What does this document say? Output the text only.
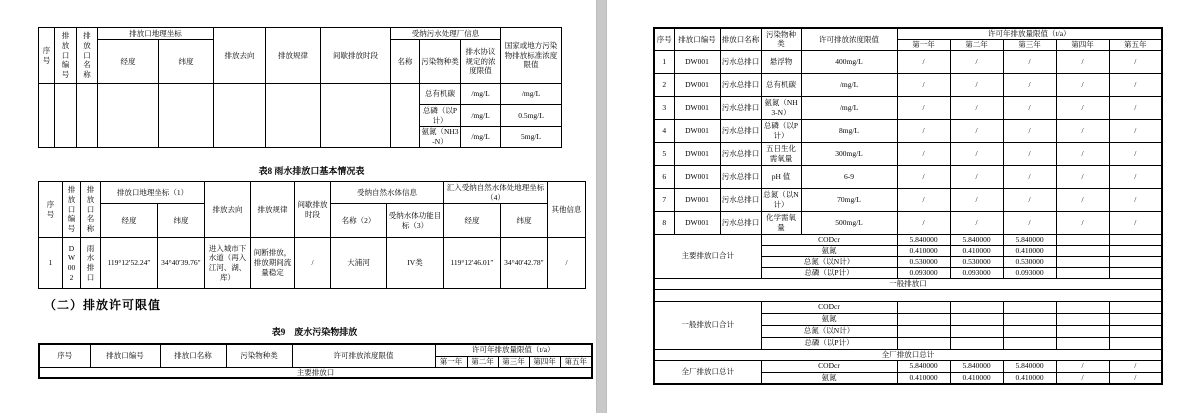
序号	排放口编号	排放口名称	排放口地理坐标		排放去向	排放规律	间歇排放时段	受纳污水处理厂信息			国家或地方污染物排放标准浓度限值
			经度	纬度				名称	污染物种类	排水协议规定的浓度限值	
									总有机碳	/mg/L	/mg/L
									总磷（以P计）	/mg/L	0.5mg/L
									氨氮（NH3-N）	/mg/L	5mg/L
表8 雨水排放口基本情况表
序号	排放口编号	排放口名称	排放口地理坐标（1）		排放去向	排放规律	间歇排放时段	受纳自然水体信息		汇入受纳自然水体处地理坐标（4）		其他信息
			经度	纬度				名称（2）	受纳水体功能目标（3）	经度	纬度	
1	DW002	雨水排口	119°12′52.24″	34°40′39.76″	进入城市下水道（再入江河、湖、库）	间断排放，排放期间流量稳定	/	大浦河	IV类	119°12′46.01″	34°40′42.78″	/
（二）排放许可限值
表9　废水污染物排放
序号	排放口编号	排放口名称	污染物种类	许可排放浓度限值	许可年排放量限值（t/a）				
					第一年	第二年	第三年	第四年	第五年
主要排放口									
序号	排放口编号	排放口名称	污染物种类	许可排放浓度限值	许可年排放量限值（t/a）				
					第一年	第二年	第三年	第四年	第五年
1	DW001	污水总排口	悬浮物	400mg/L	/	/	/	/	/
2	DW001	污水总排口	总有机碳	/mg/L	/	/	/	/	/
3	DW001	污水总排口	氨氮（NH3-N）	/mg/L	/	/	/	/	/
4	DW001	污水总排口	总磷（以P计）	8mg/L	/	/	/	/	/
5	DW001	污水总排口	五日生化需氧量	300mg/L	/	/	/	/	/
6	DW001	污水总排口	pH 值	6-9	/	/	/	/	/
7	DW001	污水总排口	总氮（以N计）	70mg/L	/	/	/	/	/
8	DW001	污水总排口	化学需氧量	500mg/L	/	/	/	/	/
主要排放口合计			CODcr		5.840000	5.840000	5.840000		
			氨氮		0.410000	0.410000	0.410000		
			总氮（以N计）		0.530000	0.530000	0.530000		
			总磷（以P计）		0.093000	0.093000	0.093000		
一般排放口									

一般排放口合计			CODcr						
			氨氮						
			总氮（以N计）						
			总磷（以P计）						
全厂排放口总计									
全厂排放口总计			CODcr		5.840000	5.840000	5.840000	/	/
			氨氮		0.410000	0.410000	0.410000	/	/
